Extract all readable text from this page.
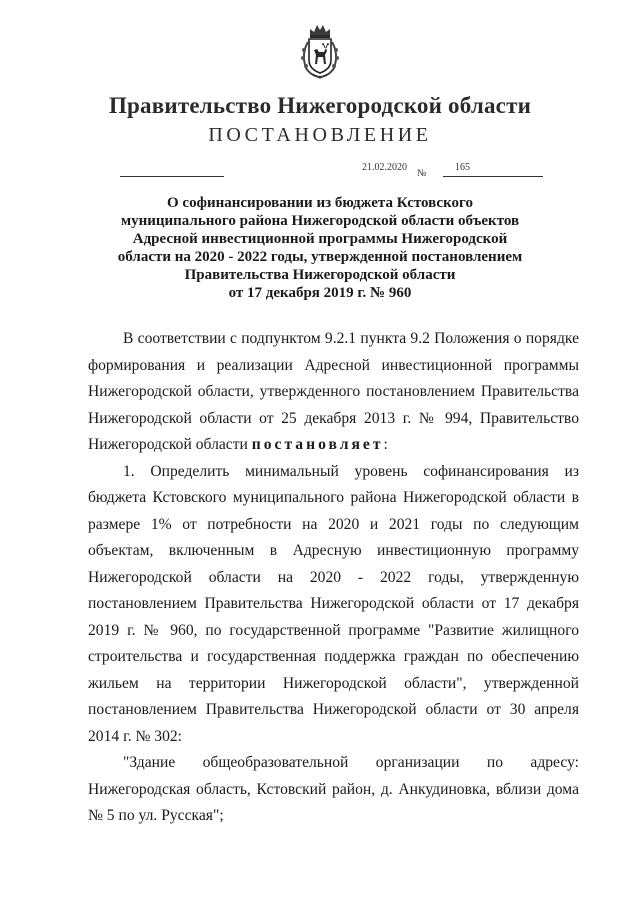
Правительство Нижегородской области
ПОСТАНОВЛЕНИЕ
21.02.2020
№
165
О софинансировании из бюджета Кстовского
муниципального района Нижегородской области объектов
Адресной инвестиционной программы Нижегородской
области на 2020 - 2022 годы, утвержденной постановлением
Правительства Нижегородской области
от 17 декабря 2019 г. № 960

В соответствии с подпунктом 9.2.1 пункта 9.2 Положения о порядке формирования и реализации Адресной инвестиционной программы Нижегородской области, утвержденного постановлением Правительства Нижегородской области от 25 декабря 2013 г. № 994, Правительство Нижегородской области постановляет:

1. Определить минимальный уровень софинансирования из бюджета Кстовского муниципального района Нижегородской области в размере 1% от потребности на 2020 и 2021 годы по следующим объектам, включенным в Адресную инвестиционную программу Нижегородской области на 2020 - 2022 годы, утвержденную постановлением Правительства Нижегородской области от 17 декабря 2019 г. № 960, по государственной программе "Развитие жилищного строительства и государственная поддержка граждан по обеспечению жильем на территории Нижегородской области", утвержденной постановлением Правительства Нижегородской области от 30 апреля 2014 г. № 302:

"Здание общеобразовательной организации по адресу: Нижегородская область, Кстовский район, д. Анкудиновка, вблизи дома № 5 по ул. Русская";
